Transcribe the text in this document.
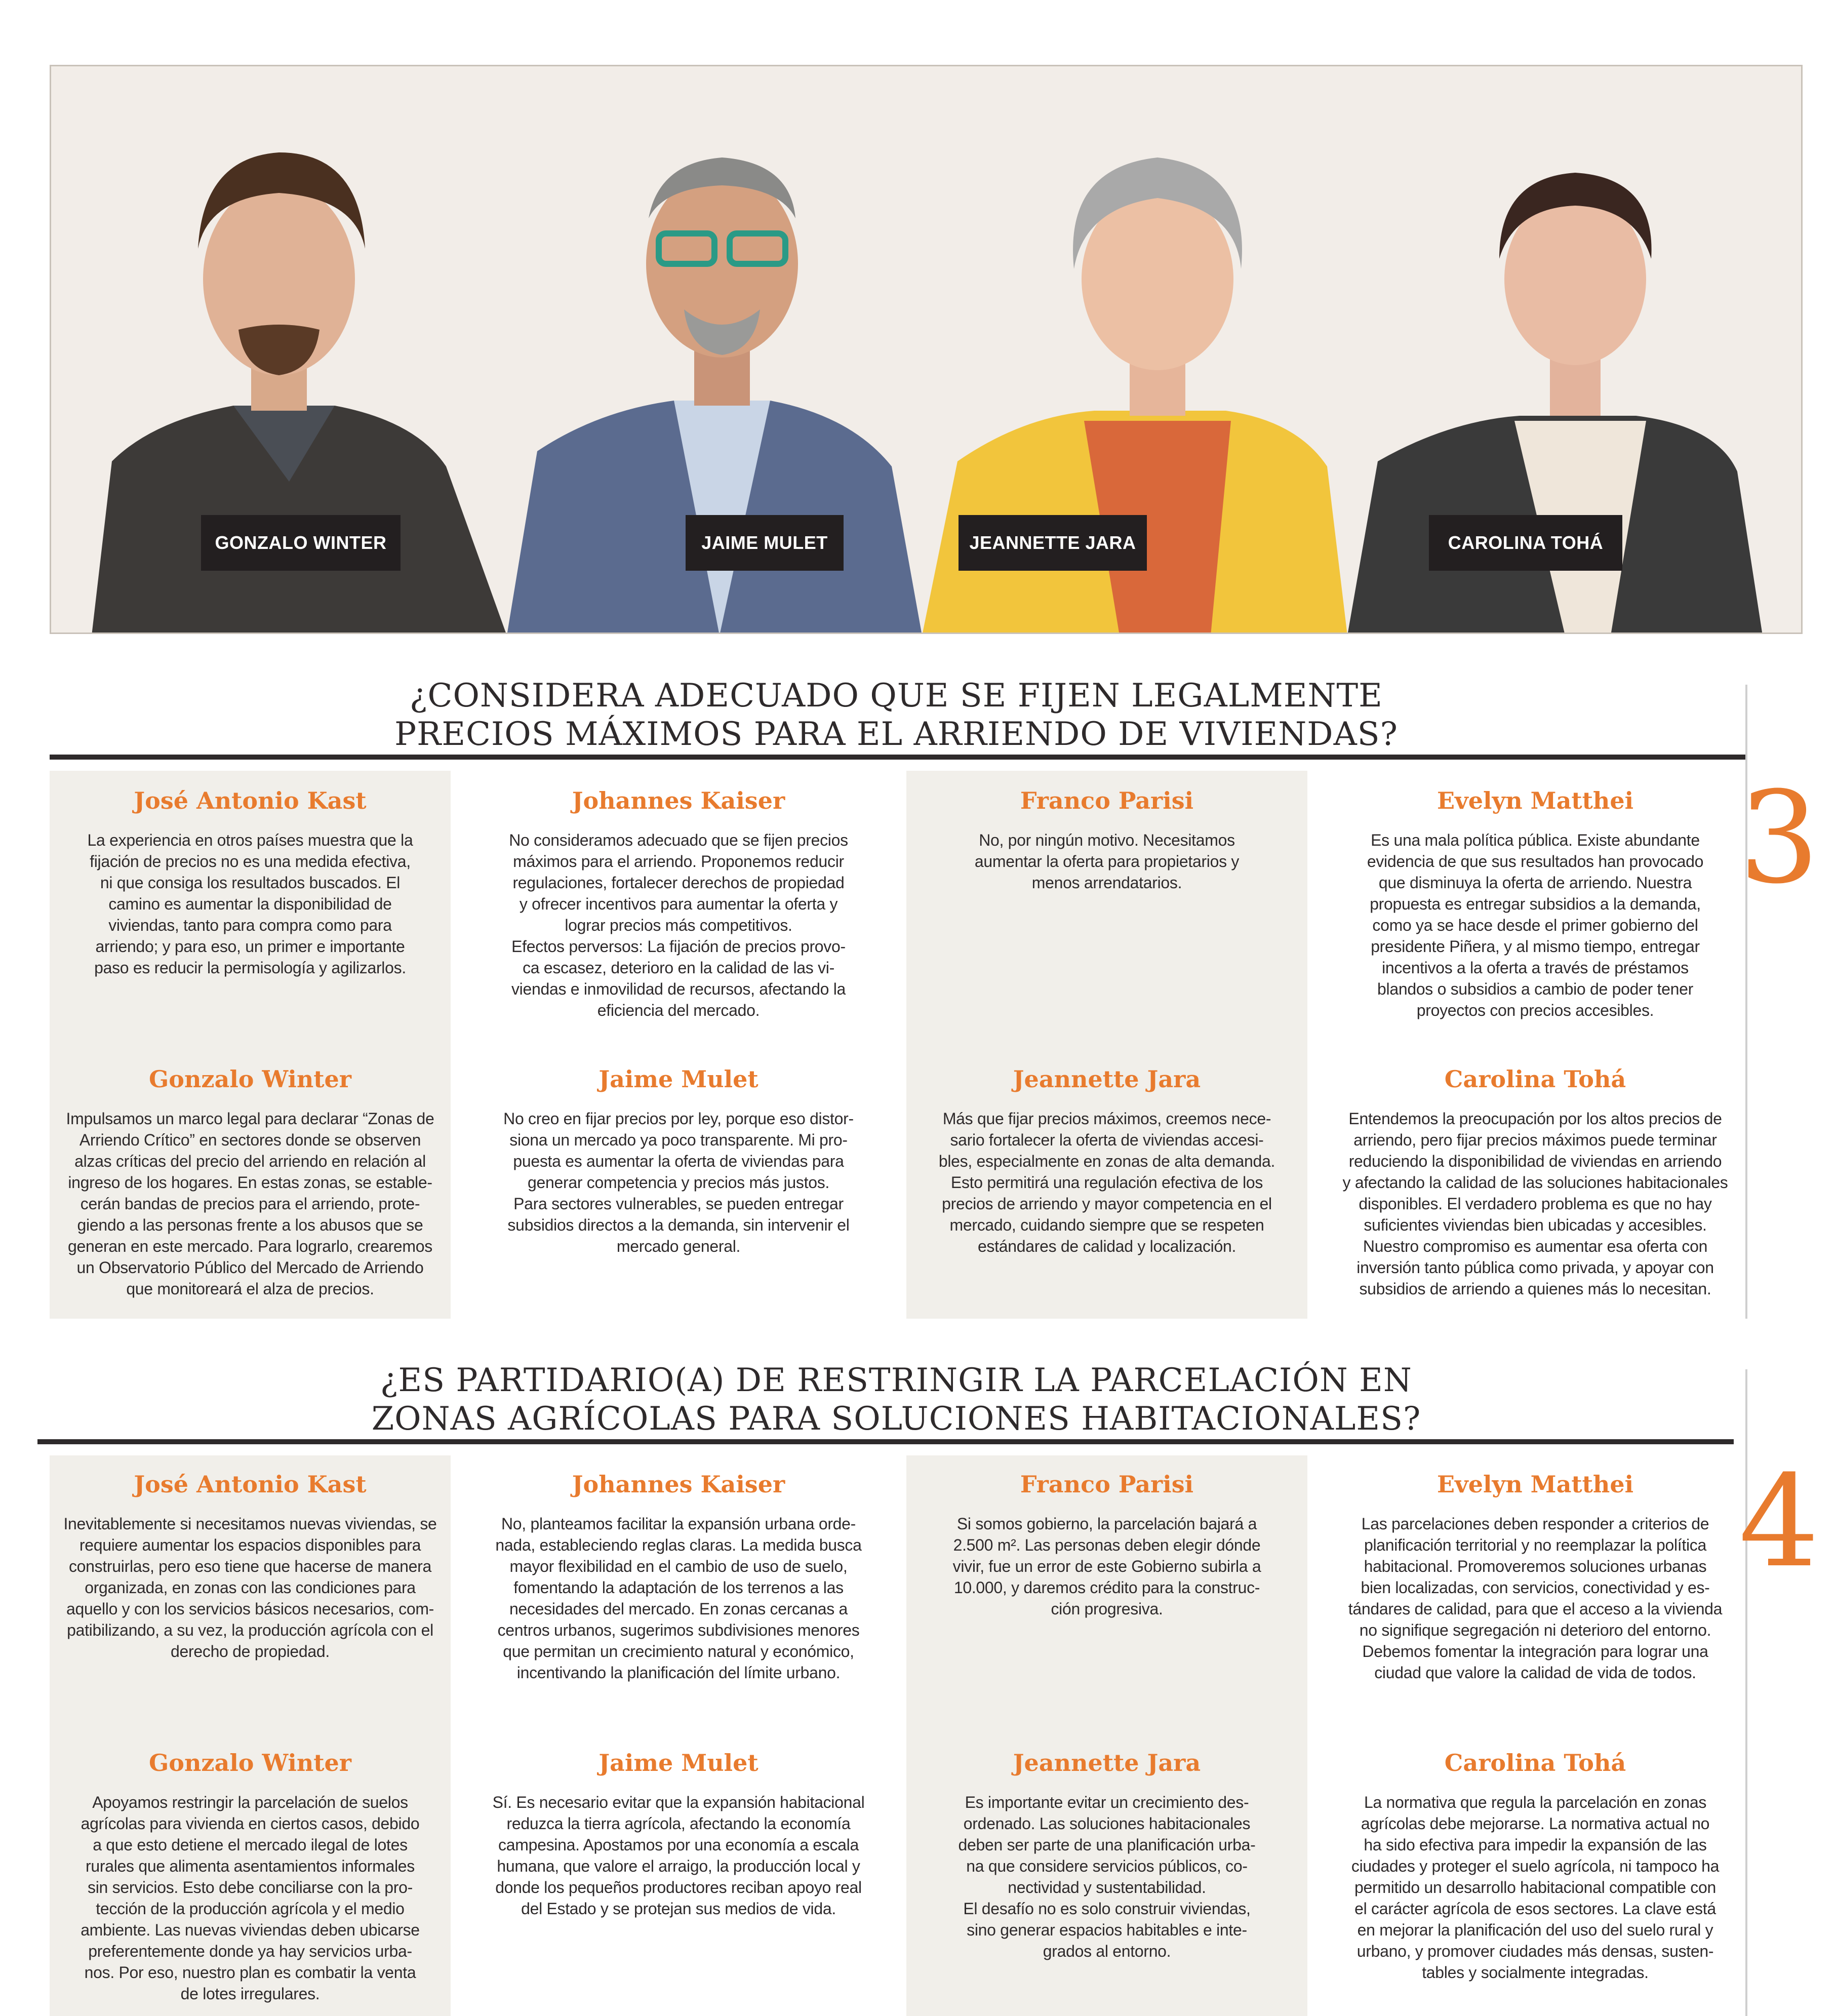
GONZALO WINTER	JAIME MULET	JEANNETTE JARA	CAROLINA TOHÁ
¿CONSIDERA ADECUADO QUE SE FIJEN LEGALMENTE
PRECIOS MÁXIMOS PARA EL ARRIENDO DE VIVIENDAS?
3
José Antonio Kast

La experiencia en otros países muestra que la
fijación de precios no es una medida efectiva,
ni que consiga los resultados buscados. El
camino es aumentar la disponibilidad de
viviendas, tanto para compra como para
arriendo; y para eso, un primer e importante
paso es reducir la permisología y agilizarlos.

Johannes Kaiser

No consideramos adecuado que se fijen precios
máximos para el arriendo. Proponemos reducir
regulaciones, fortalecer derechos de propiedad
y ofrecer incentivos para aumentar la oferta y
lograr precios más competitivos.
Efectos perversos: La fijación de precios provo-
ca escasez, deterioro en la calidad de las vi-
viendas e inmovilidad de recursos, afectando la
eficiencia del mercado.

Franco Parisi

No, por ningún motivo. Necesitamos
aumentar la oferta para propietarios y
menos arrendatarios.

Evelyn Matthei

Es una mala política pública. Existe abundante
evidencia de que sus resultados han provocado
que disminuya la oferta de arriendo. Nuestra
propuesta es entregar subsidios a la demanda,
como ya se hace desde el primer gobierno del
presidente Piñera, y al mismo tiempo, entregar
incentivos a la oferta a través de préstamos
blandos o subsidios a cambio de poder tener
proyectos con precios accesibles.

Gonzalo Winter

Impulsamos un marco legal para declarar “Zonas de
Arriendo Crítico” en sectores donde se observen
alzas críticas del precio del arriendo en relación al
ingreso de los hogares. En estas zonas, se estable-
cerán bandas de precios para el arriendo, prote-
giendo a las personas frente a los abusos que se
generan en este mercado. Para lograrlo, crearemos
un Observatorio Público del Mercado de Arriendo
que monitoreará el alza de precios.

Jaime Mulet

No creo en fijar precios por ley, porque eso distor-
siona un mercado ya poco transparente. Mi pro-
puesta es aumentar la oferta de viviendas para
generar competencia y precios más justos.
Para sectores vulnerables, se pueden entregar
subsidios directos a la demanda, sin intervenir el
mercado general.

Jeannette Jara

Más que fijar precios máximos, creemos nece-
sario fortalecer la oferta de viviendas accesi-
bles, especialmente en zonas de alta demanda.
Esto permitirá una regulación efectiva de los
precios de arriendo y mayor competencia en el
mercado, cuidando siempre que se respeten
estándares de calidad y localización.

Carolina Tohá

Entendemos la preocupación por los altos precios de
arriendo, pero fijar precios máximos puede terminar
reduciendo la disponibilidad de viviendas en arriendo
y afectando la calidad de las soluciones habitacionales
disponibles. El verdadero problema es que no hay
suficientes viviendas bien ubicadas y accesibles.
Nuestro compromiso es aumentar esa oferta con
inversión tanto pública como privada, y apoyar con
subsidios de arriendo a quienes más lo necesitan.

¿ES PARTIDARIO(A) DE RESTRINGIR LA PARCELACIÓN EN
ZONAS AGRÍCOLAS PARA SOLUCIONES HABITACIONALES?
4
José Antonio Kast

Inevitablemente si necesitamos nuevas viviendas, se
requiere aumentar los espacios disponibles para
construirlas, pero eso tiene que hacerse de manera
organizada, en zonas con las condiciones para
aquello y con los servicios básicos necesarios, com-
patibilizando, a su vez, la producción agrícola con el
derecho de propiedad.

Johannes Kaiser

No, planteamos facilitar la expansión urbana orde-
nada, estableciendo reglas claras. La medida busca
mayor flexibilidad en el cambio de uso de suelo,
fomentando la adaptación de los terrenos a las
necesidades del mercado. En zonas cercanas a
centros urbanos, sugerimos subdivisiones menores
que permitan un crecimiento natural y económico,
incentivando la planificación del límite urbano.

Franco Parisi

Si somos gobierno, la parcelación bajará a
2.500 m². Las personas deben elegir dónde
vivir, fue un error de este Gobierno subirla a
10.000, y daremos crédito para la construc-
ción progresiva.

Evelyn Matthei

Las parcelaciones deben responder a criterios de
planificación territorial y no reemplazar la política
habitacional. Promoveremos soluciones urbanas
bien localizadas, con servicios, conectividad y es-
tándares de calidad, para que el acceso a la vivienda
no signifique segregación ni deterioro del entorno.
Debemos fomentar la integración para lograr una
ciudad que valore la calidad de vida de todos.

Gonzalo Winter

Apoyamos restringir la parcelación de suelos
agrícolas para vivienda en ciertos casos, debido
a que esto detiene el mercado ilegal de lotes
rurales que alimenta asentamientos informales
sin servicios. Esto debe conciliarse con la pro-
tección de la producción agrícola y el medio
ambiente. Las nuevas viviendas deben ubicarse
preferentemente donde ya hay servicios urba-
nos. Por eso, nuestro plan es combatir la venta
de lotes irregulares.

Jaime Mulet

Sí. Es necesario evitar que la expansión habitacional
reduzca la tierra agrícola, afectando la economía
campesina. Apostamos por una economía a escala
humana, que valore el arraigo, la producción local y
donde los pequeños productores reciban apoyo real
del Estado y se protejan sus medios de vida.

Jeannette Jara

Es importante evitar un crecimiento des-
ordenado. Las soluciones habitacionales
deben ser parte de una planificación urba-
na que considere servicios públicos, co-
nectividad y sustentabilidad.
El desafío no es solo construir viviendas,
sino generar espacios habitables e inte-
grados al entorno.

Carolina Tohá

La normativa que regula la parcelación en zonas
agrícolas debe mejorarse. La normativa actual no
ha sido efectiva para impedir la expansión de las
ciudades y proteger el suelo agrícola, ni tampoco ha
permitido un desarrollo habitacional compatible con
el carácter agrícola de esos sectores. La clave está
en mejorar la planificación del uso del suelo rural y
urbano, y promover ciudades más densas, susten-
tables y socialmente integradas.
